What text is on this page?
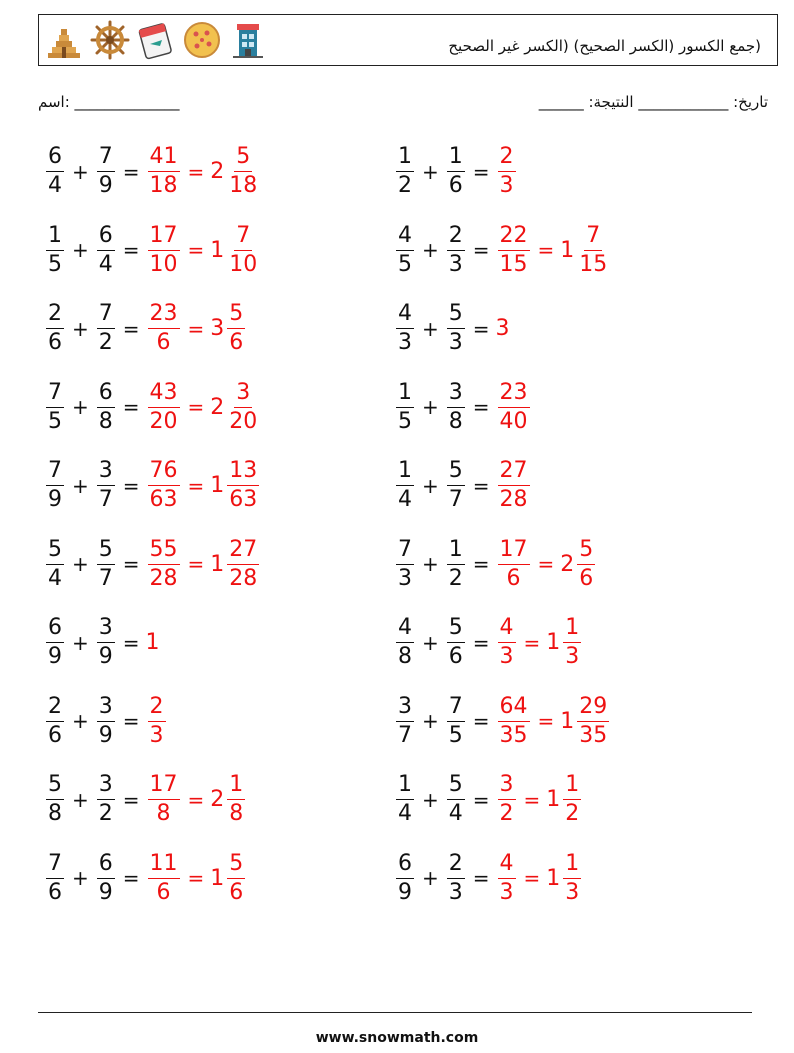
(جمع الكسور (الكسر الصحيح) (الكسر غير الصحيح
اسم: ______________	______ :تاريخ: ____________ النتيجة
$\frac{6}{4} + \frac{7}{9} = \frac{41}{18} = 2 \frac{5}{18}$	$\frac{1}{2} + \frac{1}{6} = \frac{2}{3}$
$\frac{1}{5} + \frac{6}{4} = \frac{17}{10} = 1 \frac{7}{10}$	$\frac{4}{5} + \frac{2}{3} = \frac{22}{15} = 1 \frac{7}{15}$
$\frac{2}{6} + \frac{7}{2} = \frac{23}{6} = 3 \frac{5}{6}$	$\frac{4}{3} + \frac{5}{3} = 3$
$\frac{7}{5} + \frac{6}{8} = \frac{43}{20} = 2 \frac{3}{20}$	$\frac{1}{5} + \frac{3}{8} = \frac{23}{40}$
$\frac{7}{9} + \frac{3}{7} = \frac{76}{63} = 1 \frac{13}{63}$	$\frac{1}{4} + \frac{5}{7} = \frac{27}{28}$
$\frac{5}{4} + \frac{5}{7} = \frac{55}{28} = 1 \frac{27}{28}$	$\frac{7}{3} + \frac{1}{2} = \frac{17}{6} = 2 \frac{5}{6}$
$\frac{6}{9} + \frac{3}{9} = 1$	$\frac{4}{8} + \frac{5}{6} = \frac{4}{3} = 1 \frac{1}{3}$
$\frac{2}{6} + \frac{3}{9} = \frac{2}{3}$	$\frac{3}{7} + \frac{7}{5} = \frac{64}{35} = 1 \frac{29}{35}$
$\frac{5}{8} + \frac{3}{2} = \frac{17}{8} = 2 \frac{1}{8}$	$\frac{1}{4} + \frac{5}{4} = \frac{3}{2} = 1 \frac{1}{2}$
$\frac{7}{6} + \frac{6}{9} = \frac{11}{6} = 1 \frac{5}{6}$	$\frac{6}{9} + \frac{2}{3} = \frac{4}{3} = 1 \frac{1}{3}$
www.snowmath.com
